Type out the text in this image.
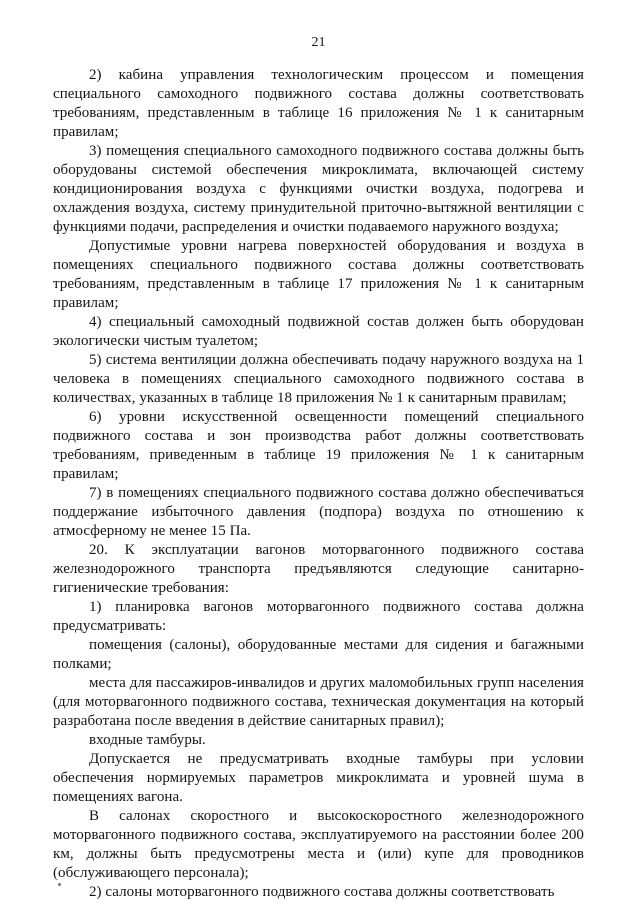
21

2) кабина управления технологическим процессом и помещения специального самоходного подвижного состава должны соответствовать требованиям, представленным в таблице 16 приложения № 1 к санитарным правилам;

3) помещения специального самоходного подвижного состава должны быть оборудованы системой обеспечения микроклимата, включающей систему кондиционирования воздуха с функциями очистки воздуха, подогрева и охлаждения воздуха, систему принудительной приточно-вытяжной вентиляции с функциями подачи, распределения и очистки подаваемого наружного воздуха;

Допустимые уровни нагрева поверхностей оборудования и воздуха в помещениях специального подвижного состава должны соответствовать требованиям, представленным в таблице 17 приложения № 1 к санитарным правилам;

4) специальный самоходный подвижной состав должен быть оборудован экологически чистым туалетом;

5) система вентиляции должна обеспечивать подачу наружного воздуха на 1 человека в помещениях специального самоходного подвижного состава в количествах, указанных в таблице 18 приложения № 1 к санитарным правилам;

6) уровни искусственной освещенности помещений специального подвижного состава и зон производства работ должны соответствовать требованиям, приведенным в таблице 19 приложения № 1 к санитарным правилам;

7) в помещениях специального подвижного состава должно обеспечиваться поддержание избыточного давления (подпора) воздуха по отношению к атмосферному не менее 15 Па.

20. К эксплуатации вагонов моторвагонного подвижного состава железнодорожного транспорта предъявляются следующие санитарно-гигиенические требования:

1) планировка вагонов моторвагонного подвижного состава должна предусматривать:

помещения (салоны), оборудованные местами для сидения и багажными полками;

места для пассажиров-инвалидов и других маломобильных групп населения (для моторвагонного подвижного состава, техническая документация на который разработана после введения в действие санитарных правил);

входные тамбуры.

Допускается не предусматривать входные тамбуры при условии обеспечения нормируемых параметров микроклимата и уровней шума в помещениях вагона.

В салонах скоростного и высокоскоростного железнодорожного моторвагонного подвижного состава, эксплуатируемого на расстоянии более 200 км, должны быть предусмотрены места и (или) купе для проводников (обслуживающего персонала);

2) салоны моторвагонного подвижного состава должны соответствовать
